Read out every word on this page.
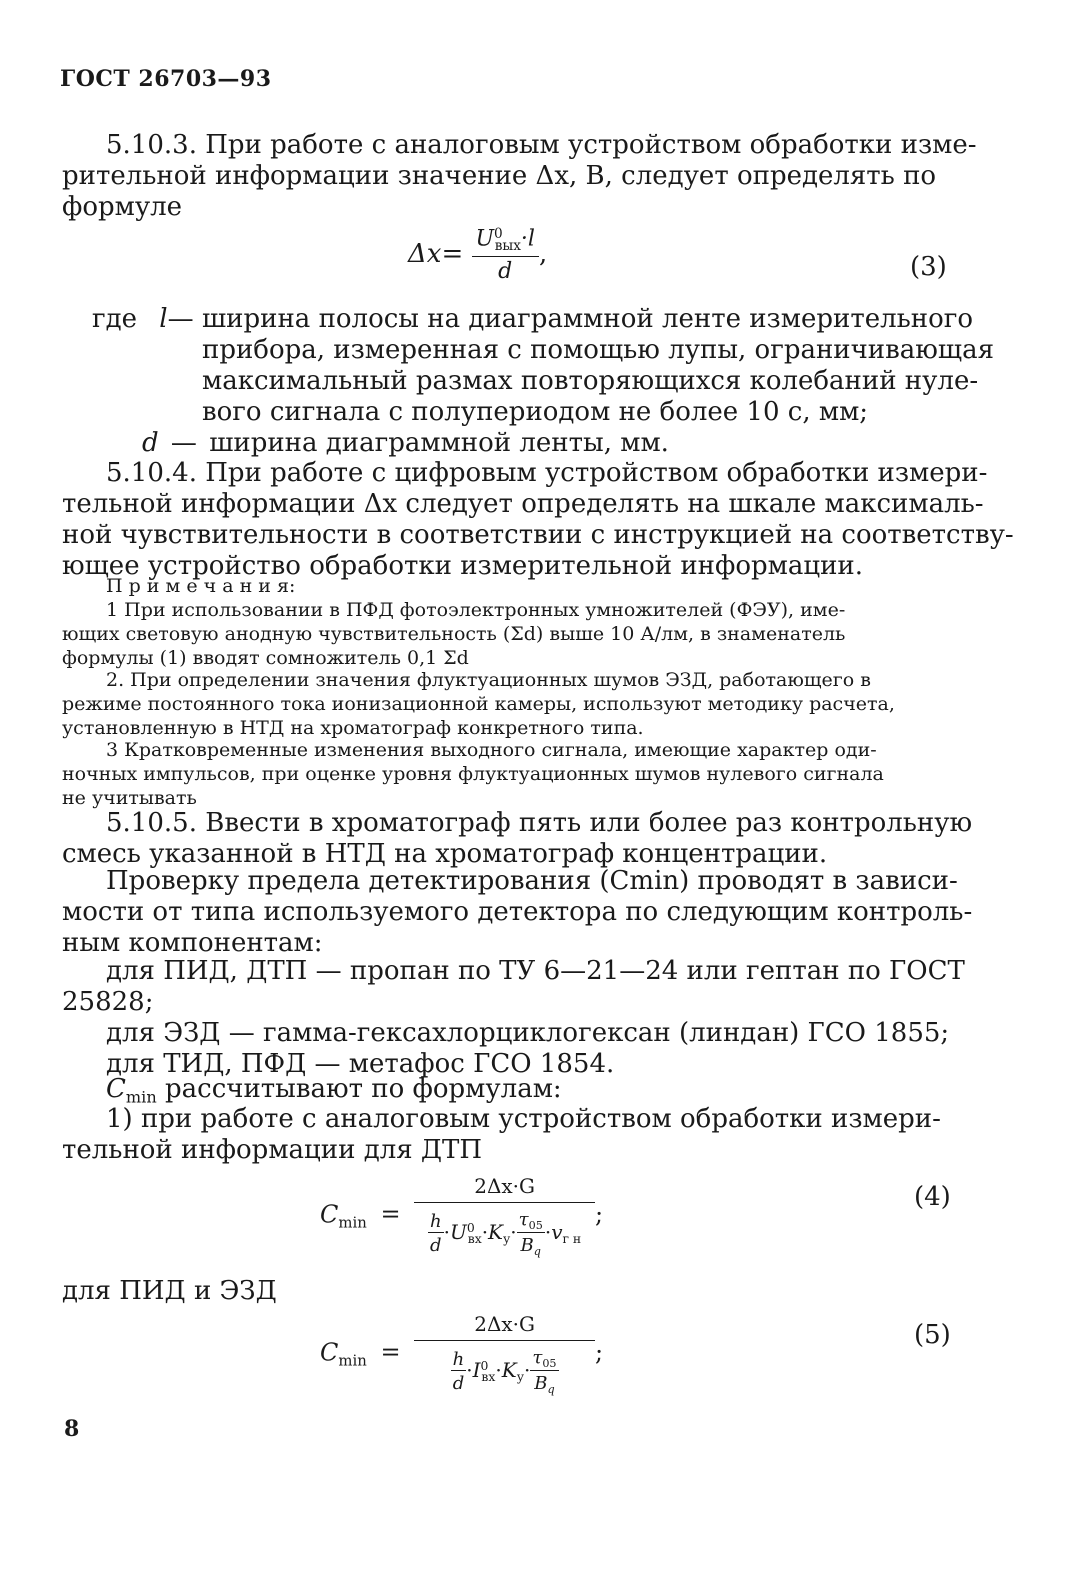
ГОСТ 26703—93
5.10.3. При работе с аналоговым устройством обработки изме-
рительной информации значение Δx, В, следует определять по
формуле
$\Delta x= \frac{U^0_{вых}\cdot l}{d}$ ,	(3)
где l— ширина полосы на диаграммной ленте измерительного
прибора, измеренная с помощью лупы, ограничивающая
максимальный размах повторяющихся колебаний нуле-
вого сигнала с полупериодом не более 10 с, мм;
d — ширина диаграммной ленты, мм.
5.10.4. При работе с цифровым устройством обработки измери-
тельной информации Δx следует определять на шкале максималь-
ной чувствительности в соответствии с инструкцией на соответству-
ющее устройство обработки измерительной информации.
П р и м е ч а н и я:
1 При использовании в ПФД фотоэлектронных умножителей (ФЭУ), име-
ющих световую анодную чувствительность (Σd) выше 10 А/лм, в знаменатель
формулы (1) вводят сомножитель 0,1 Σd
2. При определении значения флуктуационных шумов ЭЗД, работающего в
режиме постоянного тока ионизационной камеры, используют методику расчета,
установленную в НТД на хроматограф конкретного типа.
3 Кратковременные изменения выходного сигнала, имеющие характер оди-
ночных импульсов, при оценке уровня флуктуационных шумов нулевого сигнала
не учитывать
5.10.5. Ввести в хроматограф пять или более раз контрольную
смесь указанной в НТД на хроматограф концентрации.
Проверку предела детектирования (Cmin) проводят в зависи-
мости от типа используемого детектора по следующим контроль-
ным компонентам:
для ПИД, ДТП — пропан по ТУ 6—21—24 или гептан по ГОСТ
25828;
для ЭЗД — гамма-гексахлорциклогексан (линдан) ГСО 1855;
для ТИД, ПФД — метафос ГСО 1854.
$C_{min}$ рассчитывают по формулам:
1) при работе с аналоговым устройством обработки измери-
тельной информации для ДТП
$C_{min} = \frac{2\Delta x\cdot G}{\frac{h}{d} \cdot U^0_{вх}\cdot K_у\cdot \frac{\tau_{05}}{B_q} \cdot v_{г н}}$ ;
(4)
для ПИД и ЭЗД
$C_{min} = \frac{2\Delta x\cdot G}{\frac{h}{d} \cdot I^0_{вх}\cdot K_у\cdot \frac{\tau_{05}}{B_q}}$ ;
(5)
8
